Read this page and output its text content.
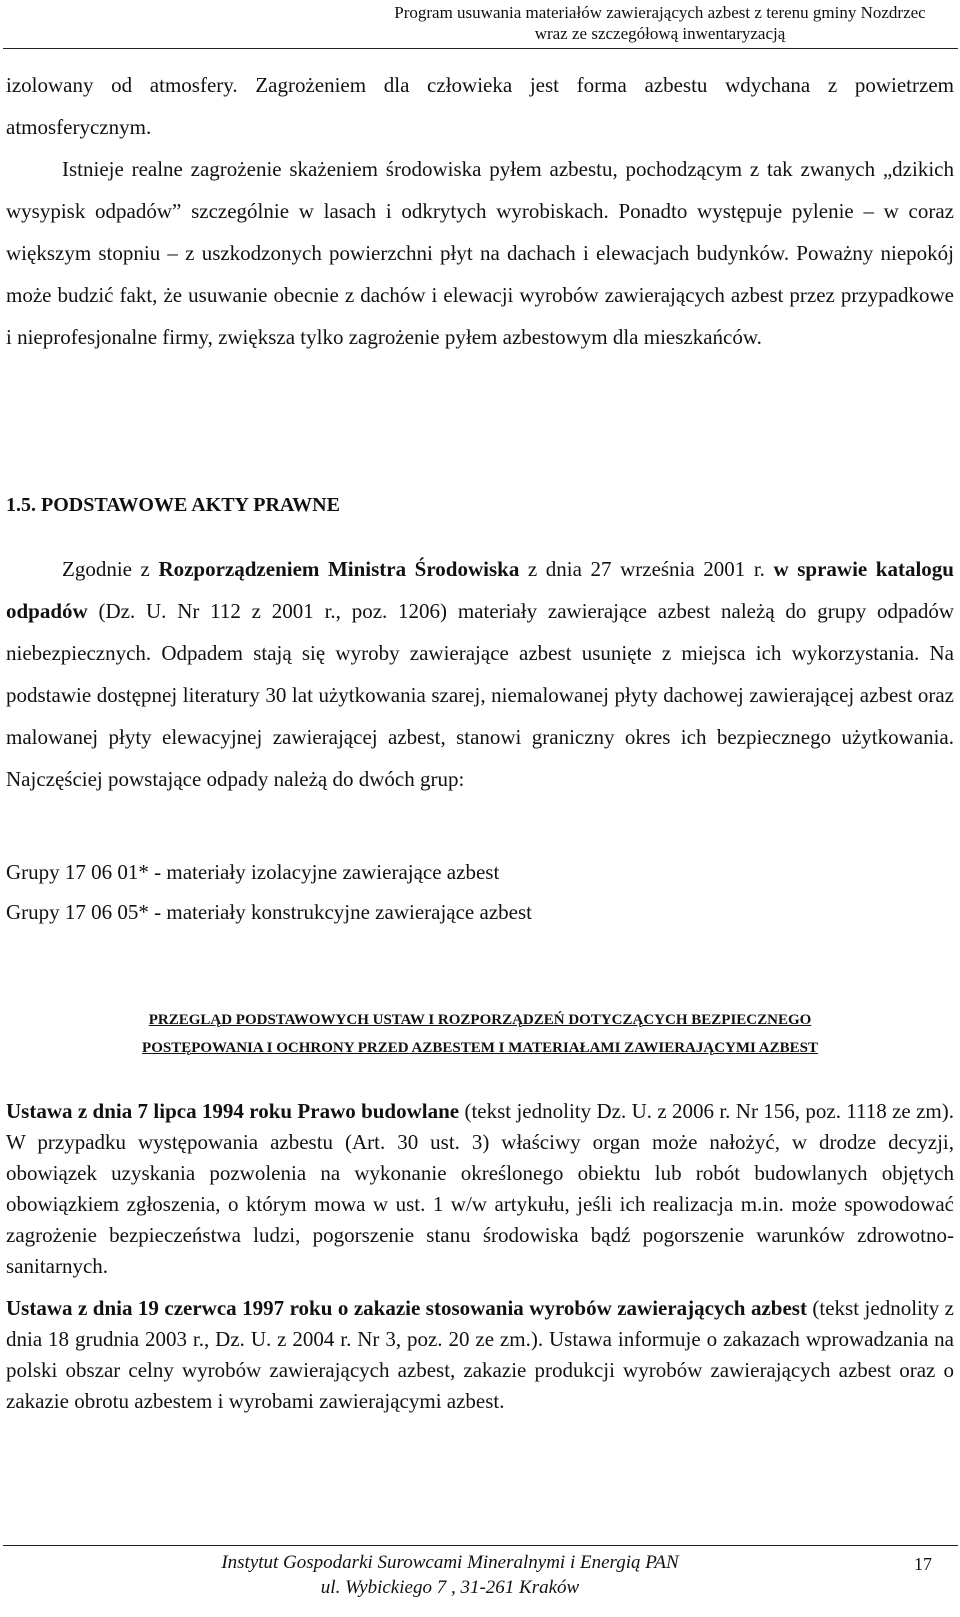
Program usuwania materiałów zawierających azbest z terenu gminy Nozdrzec
wraz ze szczegółową inwentaryzacją
izolowany od atmosfery. Zagrożeniem dla człowieka jest forma azbestu wdychana z powietrzem atmosferycznym.
Istnieje realne zagrożenie skażeniem środowiska pyłem azbestu, pochodzącym z tak zwanych „dzikich wysypisk odpadów” szczególnie w lasach i odkrytych wyrobiskach. Ponadto występuje pylenie – w coraz większym stopniu – z uszkodzonych powierzchni płyt na dachach i elewacjach budynków. Poważny niepokój może budzić fakt, że usuwanie obecnie z dachów i elewacji wyrobów zawierających azbest przez przypadkowe i nieprofesjonalne firmy, zwiększa tylko zagrożenie pyłem azbestowym dla mieszkańców.
1.5. PODSTAWOWE AKTY PRAWNE
Zgodnie z Rozporządzeniem Ministra Środowiska z dnia 27 września 2001 r. w sprawie katalogu odpadów (Dz. U. Nr 112 z 2001 r., poz. 1206) materiały zawierające azbest należą do grupy odpadów niebezpiecznych. Odpadem stają się wyroby zawierające azbest usunięte z miejsca ich wykorzystania. Na podstawie dostępnej literatury 30 lat użytkowania szarej, niemalowanej płyty dachowej zawierającej azbest oraz malowanej płyty elewacyjnej zawierającej azbest, stanowi graniczny okres ich bezpiecznego użytkowania. Najczęściej powstające odpady należą do dwóch grup:
Grupy 17 06 01* - materiały izolacyjne zawierające azbest
Grupy 17 06 05* - materiały konstrukcyjne zawierające azbest
PRZEGLĄD PODSTAWOWYCH USTAW I ROZPORZĄDZEŃ DOTYCZĄCYCH BEZPIECZNEGO
POSTĘPOWANIA I OCHRONY PRZED AZBESTEM I MATERIAŁAMI ZAWIERAJĄCYMI AZBEST
Ustawa z dnia 7 lipca 1994 roku Prawo budowlane (tekst jednolity Dz. U. z 2006 r. Nr 156, poz. 1118 ze zm). W przypadku występowania azbestu (Art. 30 ust. 3) właściwy organ może nałożyć, w drodze decyzji, obowiązek uzyskania pozwolenia na wykonanie określonego obiektu lub robót budowlanych objętych obowiązkiem zgłoszenia, o którym mowa w ust. 1 w/w artykułu, jeśli ich realizacja m.in. może spowodować zagrożenie bezpieczeństwa ludzi, pogorszenie stanu środowiska bądź pogorszenie warunków zdrowotno-sanitarnych.
Ustawa z dnia 19 czerwca 1997 roku o zakazie stosowania wyrobów zawierających azbest (tekst jednolity z dnia 18 grudnia 2003 r., Dz. U. z 2004 r. Nr 3, poz. 20 ze zm.). Ustawa informuje o zakazach wprowadzania na polski obszar celny wyrobów zawierających azbest, zakazie produkcji wyrobów zawierających azbest oraz o zakazie obrotu azbestem i wyrobami zawierającymi azbest.
Instytut Gospodarki Surowcami Mineralnymi i Energią PAN
ul. Wybickiego 7 , 31-261 Kraków
17
